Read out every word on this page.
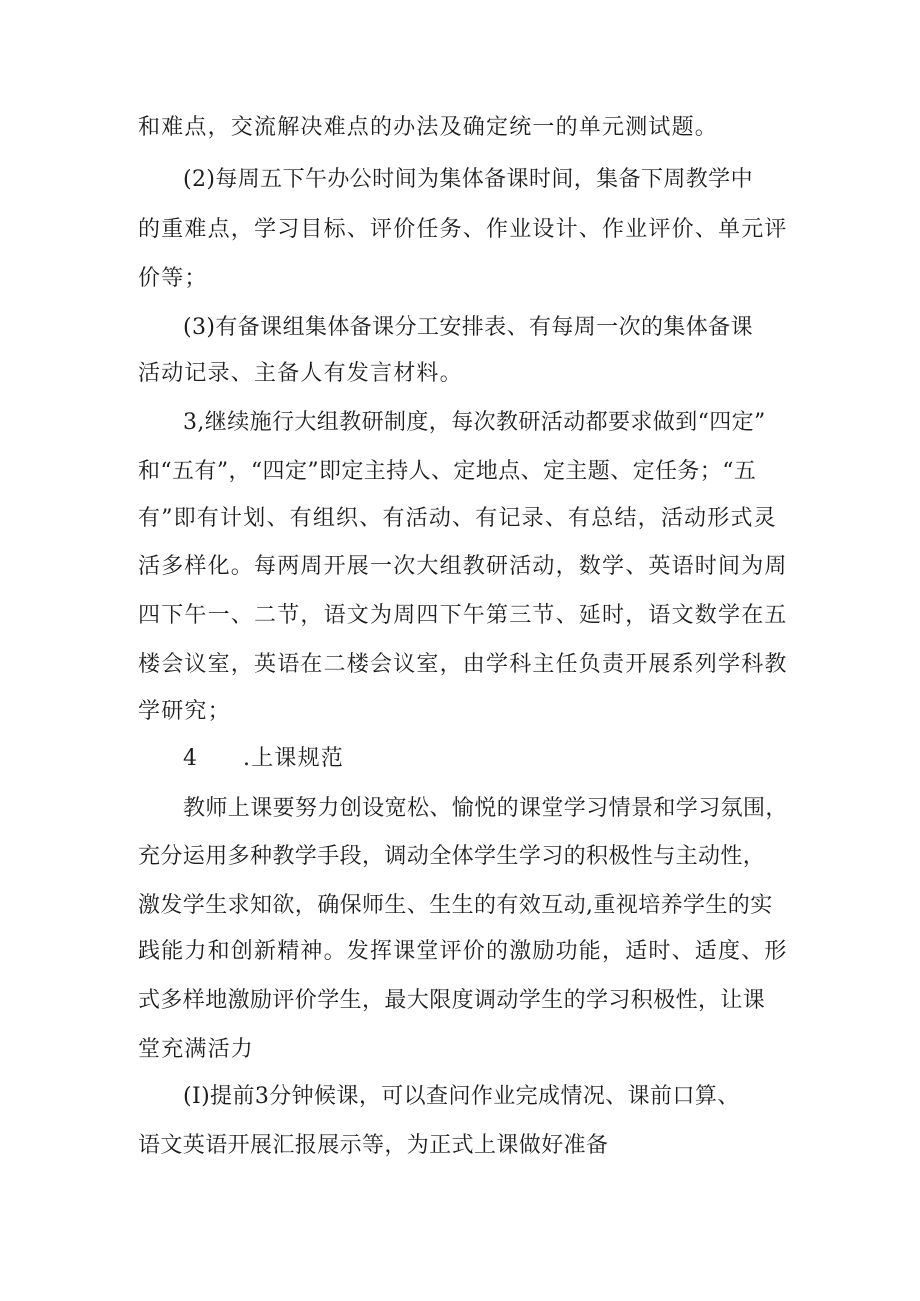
和难点，交流解决难点的办法及确定统一的单元测试题。

(2)每周五下午办公时间为集体备课时间，集备下周教学中

的重难点，学习目标、评价任务、作业设计、作业评价、单元评

价等；

(3)有备课组集体备课分工安排表、有每周一次的集体备课

活动记录、主备人有发言材料。

3,继续施行大组教研制度，每次教研活动都要求做到“四定”

和“五有”，“四定”即定主持人、定地点、定主题、定任务；“五

有”即有计划、有组织、有活动、有记录、有总结，活动形式灵

活多样化。每两周开展一次大组教研活动，数学、英语时间为周

四下午一、二节，语文为周四下午第三节、延时，语文数学在五

楼会议室，英语在二楼会议室，由学科主任负责开展系列学科教

学研究；

4 .上课规范

教师上课要努力创设宽松、愉悦的课堂学习情景和学习氛围，

充分运用多种教学手段，调动全体学生学习的积极性与主动性，

激发学生求知欲，确保师生、生生的有效互动,重视培养学生的实

践能力和创新精神。发挥课堂评价的激励功能，适时、适度、形

式多样地激励评价学生，最大限度调动学生的学习积极性，让课

堂充满活力

(I)提前3分钟候课，可以查问作业完成情况、课前口算、

语文英语开展汇报展示等，为正式上课做好准备
